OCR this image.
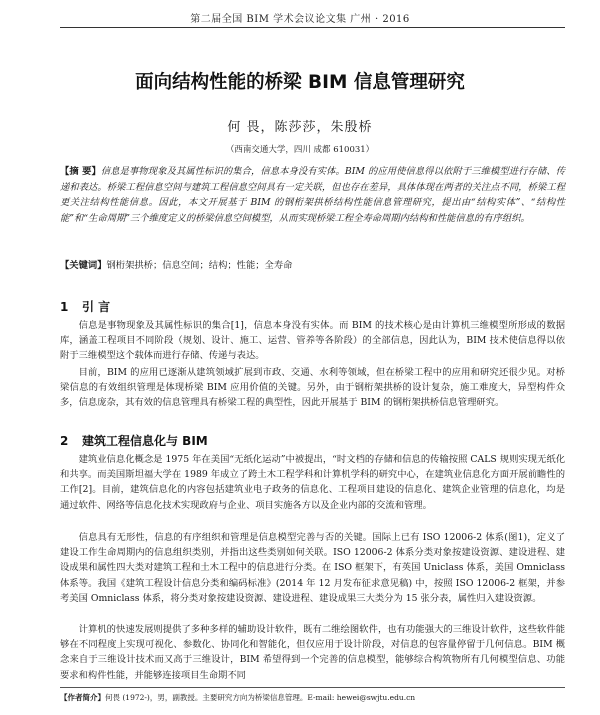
第二届全国 BIM 学术会议论文集 广州 · 2016
面向结构性能的桥梁 BIM 信息管理研究
何 畏，陈莎莎，朱殷桥
（西南交通大学，四川 成都 610031）
【摘 要】信息是事物现象及其属性标识的集合，信息本身没有实体。BIM 的应用使信息得以依附于三维模型进行存储、传递和表达。桥梁工程信息空间与建筑工程信息空间具有一定关联，但也存在差异，具体体现在两者的关注点不同，桥梁工程更关注结构性能信息。因此，本文开展基于 BIM 的钢桁架拱桥结构性能信息管理研究，提出由“结构实体”、“结构性能”和“生命周期”三个维度定义的桥梁信息空间模型，从而实现桥梁工程全寿命周期内结构和性能信息的有序组织。
【关键词】钢桁架拱桥；信息空间；结构；性能；全寿命
1 引 言

信息是事物现象及其属性标识的集合[1]，信息本身没有实体。而 BIM 的技术核心是由计算机三维模型所形成的数据库，涵盖工程项目不同阶段（规划、设计、施工、运营、管养等各阶段）的全部信息，因此认为，BIM 技术使信息得以依附于三维模型这个载体而进行存储、传递与表达。

目前，BIM 的应用已逐渐从建筑领域扩展到市政、交通、水利等领域，但在桥梁工程中的应用和研究还很少见。对桥梁信息的有效组织管理是体现桥梁 BIM 应用价值的关键。另外，由于钢桁架拱桥的设计复杂，施工难度大，异型构件众多，信息庞杂，其有效的信息管理具有桥梁工程的典型性，因此开展基于 BIM 的钢桁架拱桥信息管理研究。

2 建筑工程信息化与 BIM

建筑业信息化概念是 1975 年在美国“无纸化运动”中被提出，“时文档的存储和信息的传输按照 CALS 规则实现无纸化和共享。而美国斯坦福大学在 1989 年成立了跨土木工程学科和计算机学科的研究中心，在建筑业信息化方面开展前瞻性的工作[2]。目前，建筑信息化的内容包括建筑业电子政务的信息化、工程项目建设的信息化、建筑企业管理的信息化，均是通过软件、网络等信息化技术实现政府与企业、项目实施各方以及企业内部的交流和管理。

信息具有无形性，信息的有序组织和管理是信息模型完善与否的关键。国际上已有 ISO 12006-2 体系(图1)，定义了建设工作生命周期内的信息组织类别，并指出这些类别如何关联。ISO 12006-2 体系分类对象按建设资源、建设进程、建设成果和属性四大类对建筑工程和土木工程中的信息进行分类。在 ISO 框架下，有英国 Uniclass 体系，美国 Omniclass 体系等。我国《建筑工程设计信息分类和编码标准》(2014 年 12 月发布征求意见稿) 中，按照 ISO 12006-2 框架，并参考美国 Omniclass 体系，将分类对象按建设资源、建设进程、建设成果三大类分为 15 张分表，属性归入建设资源。

计算机的快速发展则提供了多种多样的辅助设计软件，既有二维绘图软件，也有功能强大的三维设计软件，这些软件能够在不同程度上实现可视化、参数化、协同化和智能化，但仅应用于设计阶段，对信息的包容量停留于几何信息。BIM 概念来自于三维设计技术而又高于三维设计，BIM 希望得到一个完善的信息模型，能够综合构筑物所有几何模型信息、功能要求和构件性能，并能够连接项目生命期不同

【作者简介】何畏 (1972-)，男，副教授。主要研究方向为桥梁信息管理。E-mail: hewei@swjtu.edu.cn
